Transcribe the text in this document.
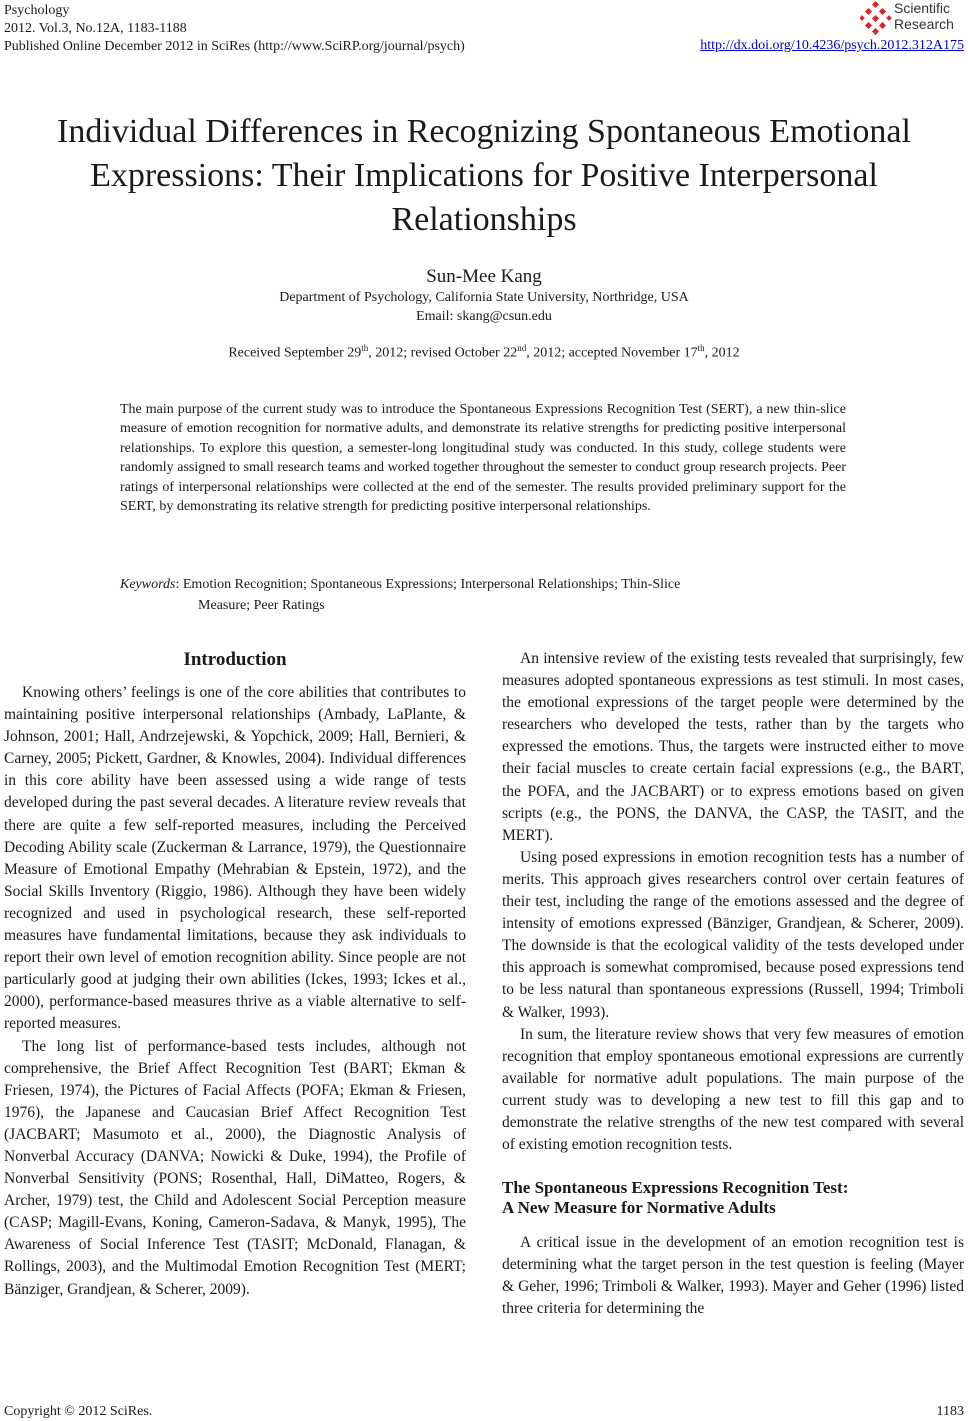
Psychology
2012. Vol.3, No.12A, 1183-1188
Published Online December 2012 in SciRes (http://www.SciRP.org/journal/psych)
Scientific
Research
http://dx.doi.org/10.4236/psych.2012.312A175
Individual Differences in Recognizing Spontaneous Emotional
Expressions: Their Implications for Positive Interpersonal
Relationships
Sun-Mee Kang
Department of Psychology, California State University, Northridge, USA
Email: skang@csun.edu
Received September 29th, 2012; revised October 22nd, 2012; accepted November 17th, 2012
The main purpose of the current study was to introduce the Spontaneous Expressions Recognition Test (SERT), a new thin-slice measure of emotion recognition for normative adults, and demonstrate its relative strengths for predicting positive interpersonal relationships. To explore this question, a semester-long longitudinal study was conducted. In this study, college students were randomly assigned to small research teams and worked together throughout the semester to conduct group research projects. Peer ratings of interpersonal relationships were collected at the end of the semester. The results provided preliminary support for the SERT, by demonstrating its relative strength for predicting positive interpersonal relationships.
Keywords: Emotion Recognition; Spontaneous Expressions; Interpersonal Relationships; Thin-Slice
Measure; Peer Ratings
Introduction

Knowing others’ feelings is one of the core abilities that contributes to maintaining positive interpersonal relationships (Ambady, LaPlante, & Johnson, 2001; Hall, Andrzejewski, & Yopchick, 2009; Hall, Bernieri, & Carney, 2005; Pickett, Gardner, & Knowles, 2004). Individual differences in this core ability have been assessed using a wide range of tests developed during the past several decades. A literature review reveals that there are quite a few self-reported measures, including the Perceived Decoding Ability scale (Zuckerman & Larrance, 1979), the Questionnaire Measure of Emotional Empathy (Mehrabian & Epstein, 1972), and the Social Skills Inventory (Riggio, 1986). Although they have been widely recognized and used in psychological research, these self-reported measures have fundamental limitations, because they ask individuals to report their own level of emotion recognition ability. Since people are not particularly good at judging their own abilities (Ickes, 1993; Ickes et al., 2000), performance-based measures thrive as a viable alternative to self-reported measures.

The long list of performance-based tests includes, although not comprehensive, the Brief Affect Recognition Test (BART; Ekman & Friesen, 1974), the Pictures of Facial Affects (POFA; Ekman & Friesen, 1976), the Japanese and Caucasian Brief Affect Recognition Test (JACBART; Masumoto et al., 2000), the Diagnostic Analysis of Nonverbal Accuracy (DANVA; Nowicki & Duke, 1994), the Profile of Nonverbal Sensitivity (PONS; Rosenthal, Hall, DiMatteo, Rogers, & Archer, 1979) test, the Child and Adolescent Social Perception measure (CASP; Magill-Evans, Koning, Cameron-Sadava, & Manyk, 1995), The Awareness of Social Inference Test (TASIT; McDonald, Flanagan, & Rollings, 2003), and the Multimodal Emotion Recognition Test (MERT; Bänziger, Grandjean, & Scherer, 2009).

An intensive review of the existing tests revealed that surprisingly, few measures adopted spontaneous expressions as test stimuli. In most cases, the emotional expressions of the target people were determined by the researchers who developed the tests, rather than by the targets who expressed the emotions. Thus, the targets were instructed either to move their facial muscles to create certain facial expressions (e.g., the BART, the POFA, and the JACBART) or to express emotions based on given scripts (e.g., the PONS, the DANVA, the CASP, the TASIT, and the MERT).

Using posed expressions in emotion recognition tests has a number of merits. This approach gives researchers control over certain features of their test, including the range of the emotions assessed and the degree of intensity of emotions expressed (Bänziger, Grandjean, & Scherer, 2009). The downside is that the ecological validity of the tests developed under this approach is somewhat compromised, because posed expressions tend to be less natural than spontaneous expressions (Russell, 1994; Trimboli & Walker, 1993).

In sum, the literature review shows that very few measures of emotion recognition that employ spontaneous emotional expressions are currently available for normative adult populations. The main purpose of the current study was to developing a new test to fill this gap and to demonstrate the relative strengths of the new test compared with several of existing emotion recognition tests.

The Spontaneous Expressions Recognition Test:
A New Measure for Normative Adults

A critical issue in the development of an emotion recognition test is determining what the target person in the test question is feeling (Mayer & Geher, 1996; Trimboli & Walker, 1993). Mayer and Geher (1996) listed three criteria for determining the

Copyright © 2012 SciRes.	1183
